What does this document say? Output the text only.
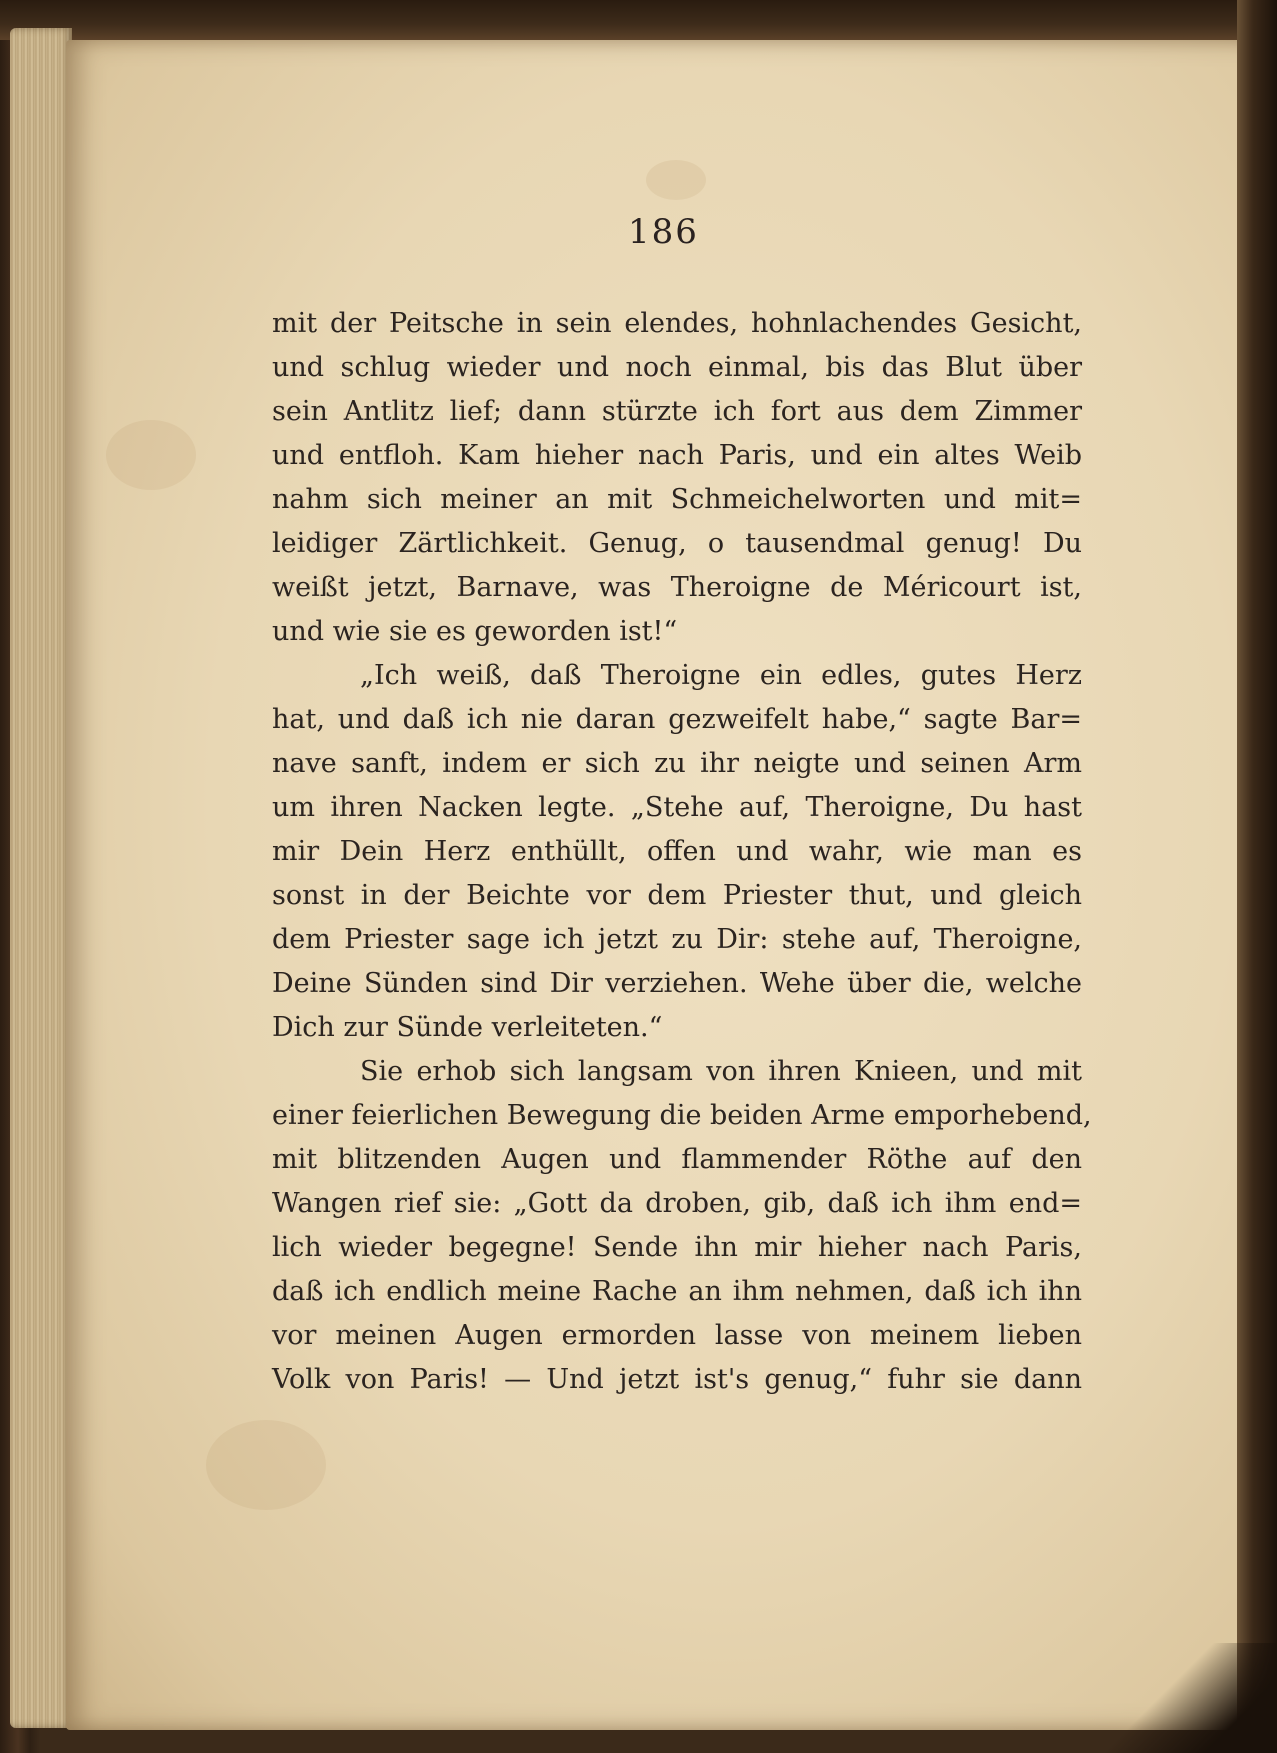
186
mit der Peitsche in sein elendes, hohnlachendes Gesicht,
und schlug wieder und noch einmal, bis das Blut über
sein Antlitz lief; dann stürzte ich fort aus dem Zimmer
und entfloh. Kam hieher nach Paris, und ein altes Weib
nahm sich meiner an mit Schmeichelworten und mit=
leidiger Zärtlichkeit. Genug, o tausendmal genug! Du
weißt jetzt, Barnave, was Theroigne de Méricourt ist,
und wie sie es geworden ist!“
„Ich weiß, daß Theroigne ein edles, gutes Herz
hat, und daß ich nie daran gezweifelt habe,“ sagte Bar=
nave sanft, indem er sich zu ihr neigte und seinen Arm
um ihren Nacken legte. „Stehe auf, Theroigne, Du hast
mir Dein Herz enthüllt, offen und wahr, wie man es
sonst in der Beichte vor dem Priester thut, und gleich
dem Priester sage ich jetzt zu Dir: stehe auf, Theroigne,
Deine Sünden sind Dir verziehen. Wehe über die, welche
Dich zur Sünde verleiteten.“
Sie erhob sich langsam von ihren Knieen, und mit
einer feierlichen Bewegung die beiden Arme emporhebend,
mit blitzenden Augen und flammender Röthe auf den
Wangen rief sie: „Gott da droben, gib, daß ich ihm end=
lich wieder begegne! Sende ihn mir hieher nach Paris,
daß ich endlich meine Rache an ihm nehmen, daß ich ihn
vor meinen Augen ermorden lasse von meinem lieben
Volk von Paris! — Und jetzt ist's genug,“ fuhr sie dann
